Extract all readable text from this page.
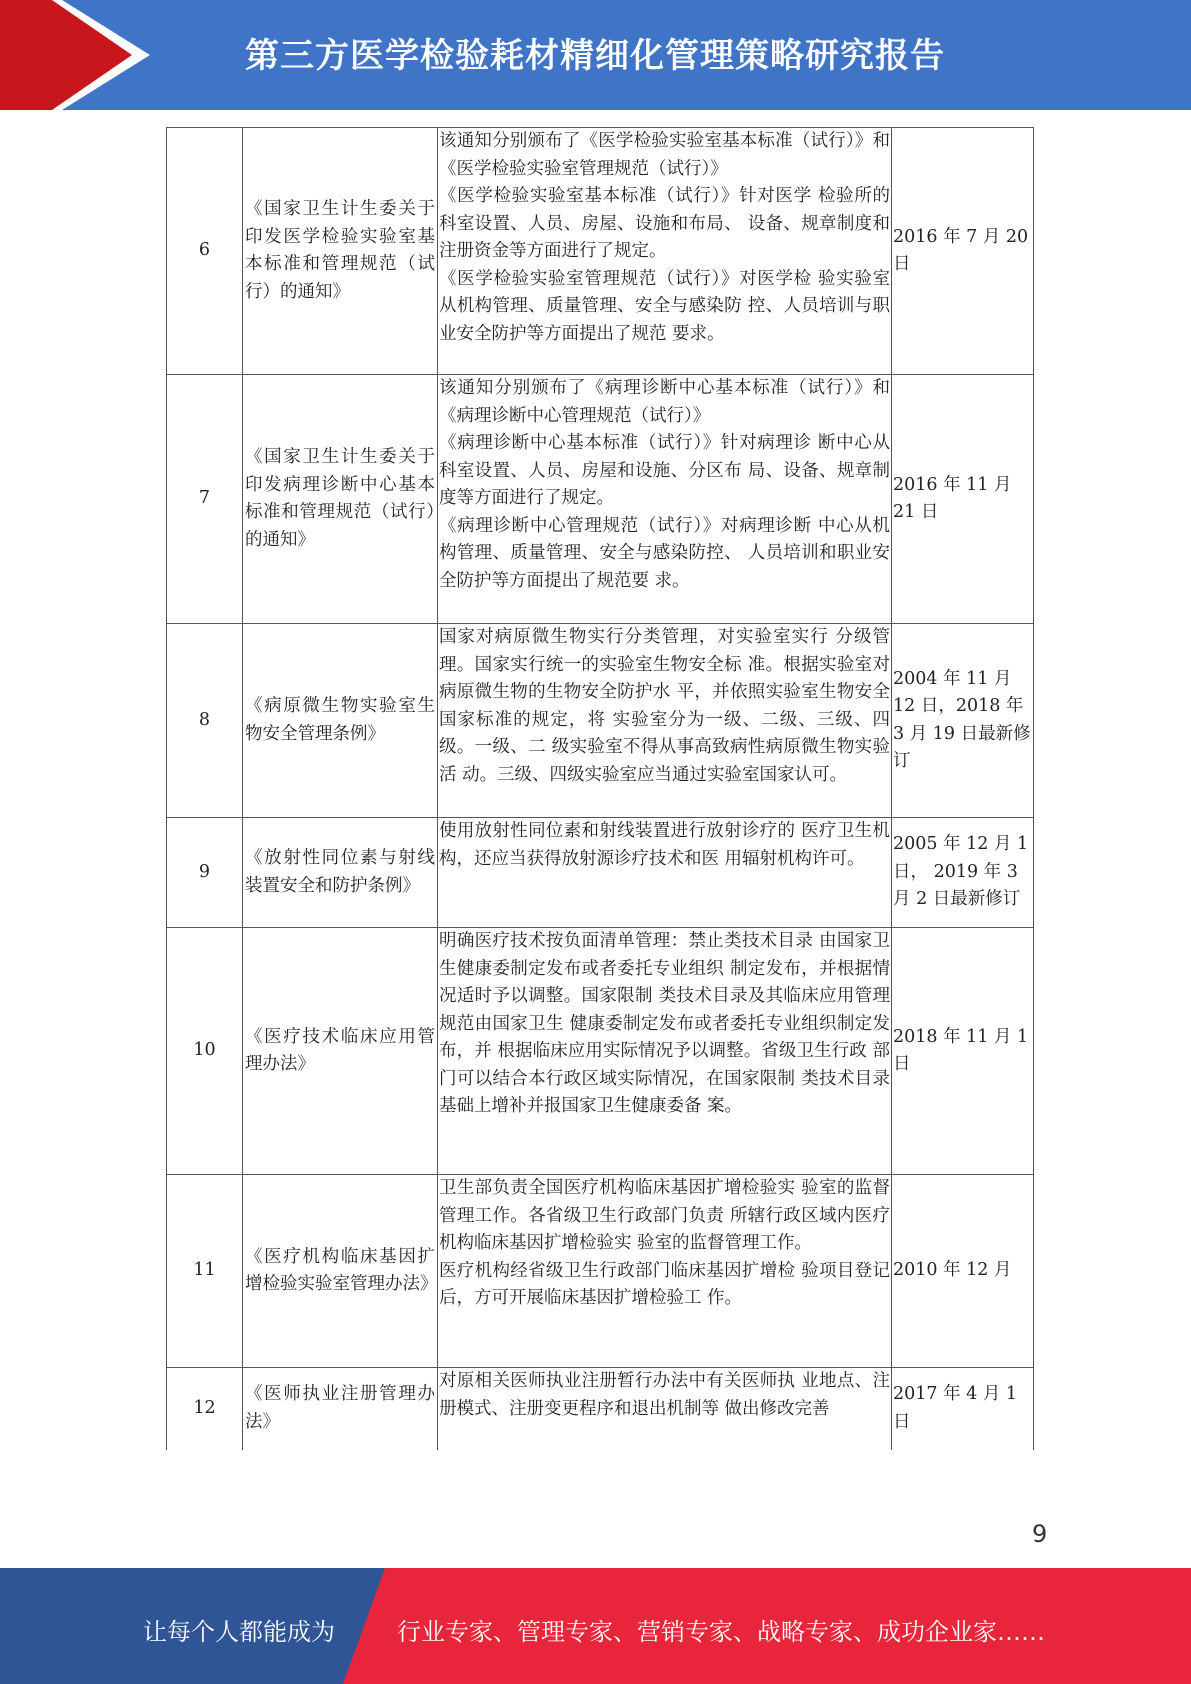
第三方医学检验耗材精细化管理策略研究报告
6	《国家卫生计生委关于印发医学检验实验室基本标准和管理规范（试行）的通知》	该通知分别颁布了《医学检验实验室基本标准（试行）》和《医学检验实验室管理规范（试行）》
《医学检验实验室基本标准（试行）》针对医学 检验所的科室设置、人员、房屋、设施和布局、 设备、规章制度和注册资金等方面进行了规定。
《医学检验实验室管理规范（试行）》对医学检 验实验室从机构管理、质量管理、安全与感染防 控、人员培训与职业安全防护等方面提出了规范 要求。	2016 年 7 月 20 日
7	《国家卫生计生委关于印发病理诊断中心基本标准和管理规范（试行）的通知》	该通知分别颁布了《病理诊断中心基本标准（试行）》和《病理诊断中心管理规范（试行）》
《病理诊断中心基本标准（试行）》针对病理诊 断中心从科室设置、人员、房屋和设施、分区布 局、设备、规章制度等方面进行了规定。
《病理诊断中心管理规范（试行）》对病理诊断 中心从机构管理、质量管理、安全与感染防控、 人员培训和职业安全防护等方面提出了规范要 求。	2016 年 11 月 21 日
8	《病原微生物实验室生物安全管理条例》	国家对病原微生物实行分类管理，对实验室实行 分级管理。国家实行统一的实验室生物安全标 准。根据实验室对病原微生物的生物安全防护水 平，并依照实验室生物安全国家标准的规定，将 实验室分为一级、二级、三级、四级。一级、二 级实验室不得从事高致病性病原微生物实验活 动。三级、四级实验室应当通过实验室国家认可。	2004 年 11 月 12 日，2018 年 3 月 19 日最新修订
9	《放射性同位素与射线装置安全和防护条例》	使用放射性同位素和射线装置进行放射诊疗的 医疗卫生机构，还应当获得放射源诊疗技术和医 用辐射机构许可。	2005 年 12 月 1 日， 2019 年 3 月 2 日最新修订
10	《医疗技术临床应用管理办法》	明确医疗技术按负面清单管理：禁止类技术目录 由国家卫生健康委制定发布或者委托专业组织 制定发布，并根据情况适时予以调整。国家限制 类技术目录及其临床应用管理规范由国家卫生 健康委制定发布或者委托专业组织制定发布，并 根据临床应用实际情况予以调整。省级卫生行政 部门可以结合本行政区域实际情况，在国家限制 类技术目录基础上增补并报国家卫生健康委备 案。	2018 年 11 月 1 日
11	《医疗机构临床基因扩增检验实验室管理办法》	卫生部负责全国医疗机构临床基因扩增检验实 验室的监督管理工作。各省级卫生行政部门负责 所辖行政区域内医疗机构临床基因扩增检验实 验室的监督管理工作。
医疗机构经省级卫生行政部门临床基因扩增检 验项目登记后，方可开展临床基因扩增检验工 作。	2010 年 12 月
12	《医师执业注册管理办法》	对原相关医师执业注册暂行办法中有关医师执 业地点、注册模式、注册变更程序和退出机制等 做出修改完善	2017 年 4 月 1 日
9
让每个人都能成为	行业专家、管理专家、营销专家、战略专家、成功企业家……
